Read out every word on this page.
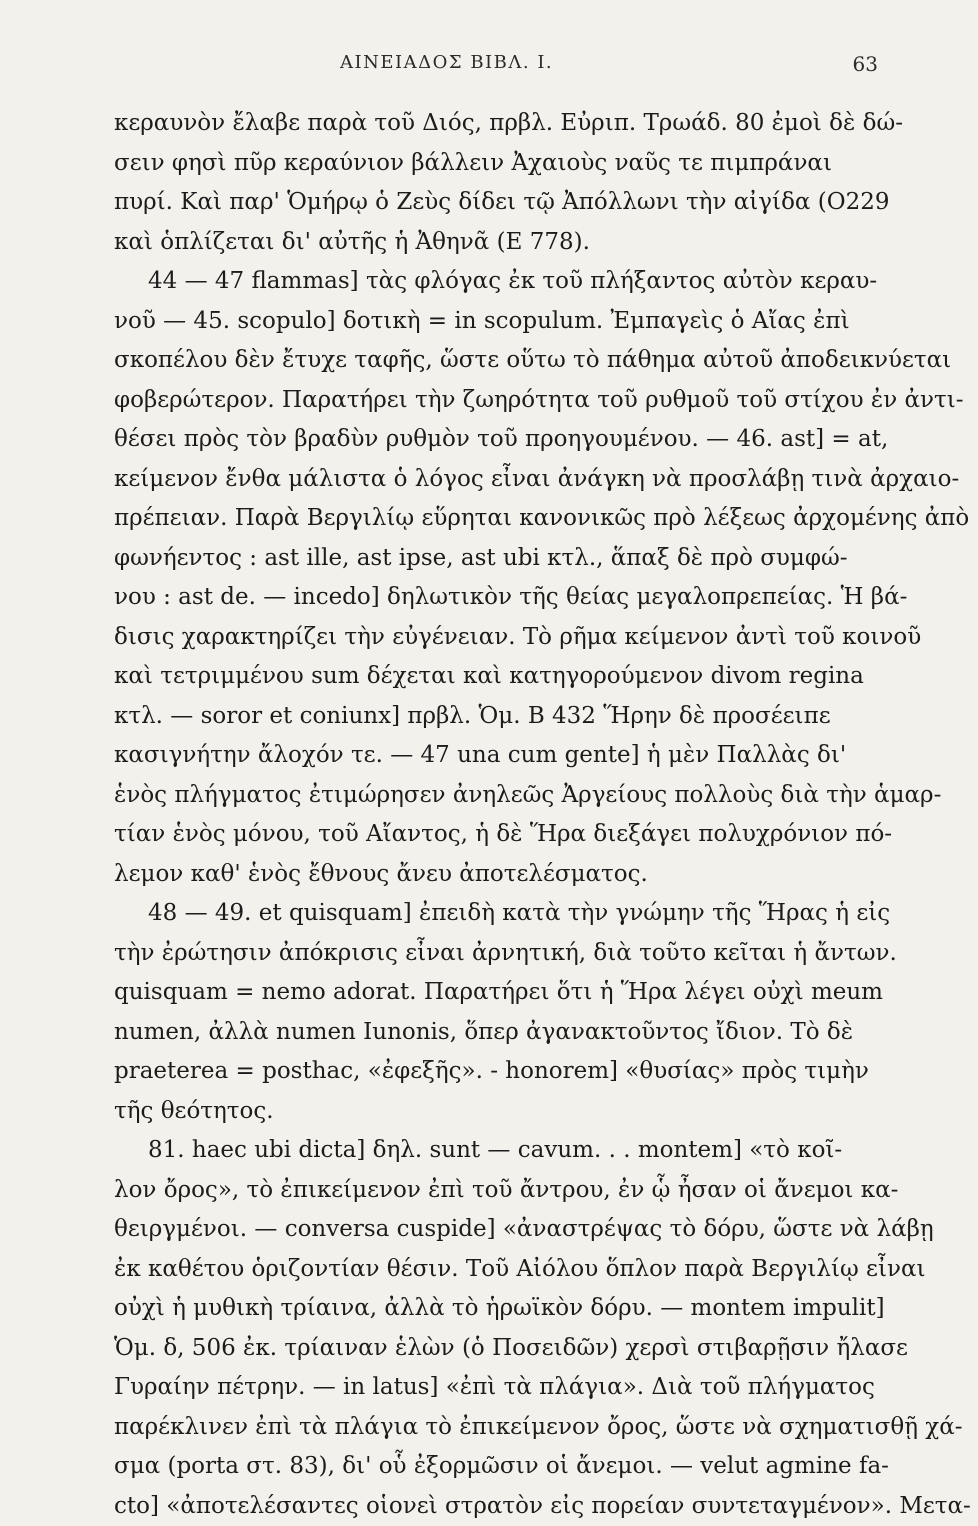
ΑΙΝΕΙΑΔΟΣ ΒΙΒΛ. Ι.	63
κεραυνὸν ἔλαβε παρὰ τοῦ Διός, πρβλ. Εὐριπ. Τρωάδ. 80 ἐμοὶ δὲ δώ-
σειν φησὶ πῦρ κεραύνιον βάλλειν Ἀχαιοὺς ναῦς τε πιμπράναι
πυρί. Καὶ παρ' Ὁμήρῳ ὁ Ζεὺς δίδει τῷ Ἀπόλλωνι τὴν αἰγίδα (Ο229
καὶ ὁπλίζεται δι' αὐτῆς ἡ Ἀθηνᾶ (Ε 778).
44 — 47 flammas] τὰς φλόγας ἐκ τοῦ πλήξαντος αὐτὸν κεραυ-
νοῦ — 45. scopulo] δοτικὴ = in scopulum. Ἐμπαγεὶς ὁ Αἴας ἐπὶ
σκοπέλου δὲν ἔτυχε ταφῆς, ὥστε οὕτω τὸ πάθημα αὐτοῦ ἀποδεικνύεται
φοβερώτερον. Παρατήρει τὴν ζωηρότητα τοῦ ρυθμοῦ τοῦ στίχου ἐν ἀντι-
θέσει πρὸς τὸν βραδὺν ρυθμὸν τοῦ προηγουμένου. — 46. ast] = at,
κείμενον ἔνθα μάλιστα ὁ λόγος εἶναι ἀνάγκη νὰ προσλάβῃ τινὰ ἀρχαιο-
πρέπειαν. Παρὰ Βεργιλίῳ εὕρηται κανονικῶς πρὸ λέξεως ἀρχομένης ἀπὸ
φωνήεντος : ast ille, ast ipse, ast ubi κτλ., ἅπαξ δὲ πρὸ συμφώ-
νου : ast de. — incedo] δηλωτικὸν τῆς θείας μεγαλοπρεπείας. Ἡ βά-
δισις χαρακτηρίζει τὴν εὐγένειαν. Τὸ ρῆμα κείμενον ἀντὶ τοῦ κοινοῦ
καὶ τετριμμένου sum δέχεται καὶ κατηγορούμενον divom regina
κτλ. — soror et coniunx] πρβλ. Ὁμ. Β 432 Ἥρην δὲ προσέειπε
κασιγνήτην ἄλοχόν τε. — 47 una cum gente] ἡ μὲν Παλλὰς δι'
ἑνὸς πλήγματος ἐτιμώρησεν ἀνηλεῶς Ἀργείους πολλοὺς διὰ τὴν ἁμαρ-
τίαν ἑνὸς μόνου, τοῦ Αἴαντος, ἡ δὲ Ἥρα διεξάγει πολυχρόνιον πό-
λεμον καθ' ἑνὸς ἔθνους ἄνευ ἀποτελέσματος.
48 — 49. et quisquam] ἐπειδὴ κατὰ τὴν γνώμην τῆς Ἥρας ἡ εἰς
τὴν ἐρώτησιν ἀπόκρισις εἶναι ἀρνητική, διὰ τοῦτο κεῖται ἡ ἄντων.
quisquam = nemo adorat. Παρατήρει ὅτι ἡ Ἥρα λέγει οὐχὶ meum
numen, ἀλλὰ numen Iunonis, ὅπερ ἀγανακτοῦντος ἴδιον. Τὸ δὲ
praeterea = posthac, «ἐφεξῆς». - honorem] «θυσίας» πρὸς τιμὴν
τῆς θεότητος.
81. haec ubi dicta] δηλ. sunt — cavum. . . montem] «τὸ κοῖ-
λον ὄρος», τὸ ἐπικείμενον ἐπὶ τοῦ ἄντρου, ἐν ᾧ ἦσαν οἱ ἄνεμοι κα-
θειργμένοι. — conversa cuspide] «ἀναστρέψας τὸ δόρυ, ὥστε νὰ λάβῃ
ἐκ καθέτου ὁριζοντίαν θέσιν. Τοῦ Αἰόλου ὅπλον παρὰ Βεργιλίῳ εἶναι
οὐχὶ ἡ μυθικὴ τρίαινα, ἀλλὰ τὸ ἡρωϊκὸν δόρυ. — montem impulit]
Ὁμ. δ, 506 ἐκ. τρίαιναν ἑλὼν (ὁ Ποσειδῶν) χερσὶ στιβαρῇσιν ἤλασε
Γυραίην πέτρην. — in latus] «ἐπὶ τὰ πλάγια». Διὰ τοῦ πλήγματος
παρέκλινεν ἐπὶ τὰ πλάγια τὸ ἐπικείμενον ὄρος, ὥστε νὰ σχηματισθῇ χά-
σμα (porta στ. 83), δι' οὗ ἐξορμῶσιν οἱ ἄνεμοι. — velut agmine fa-
cto] «ἀποτελέσαντες οἱονεὶ στρατὸν εἰς πορείαν συντεταγμένον». Μετα-
